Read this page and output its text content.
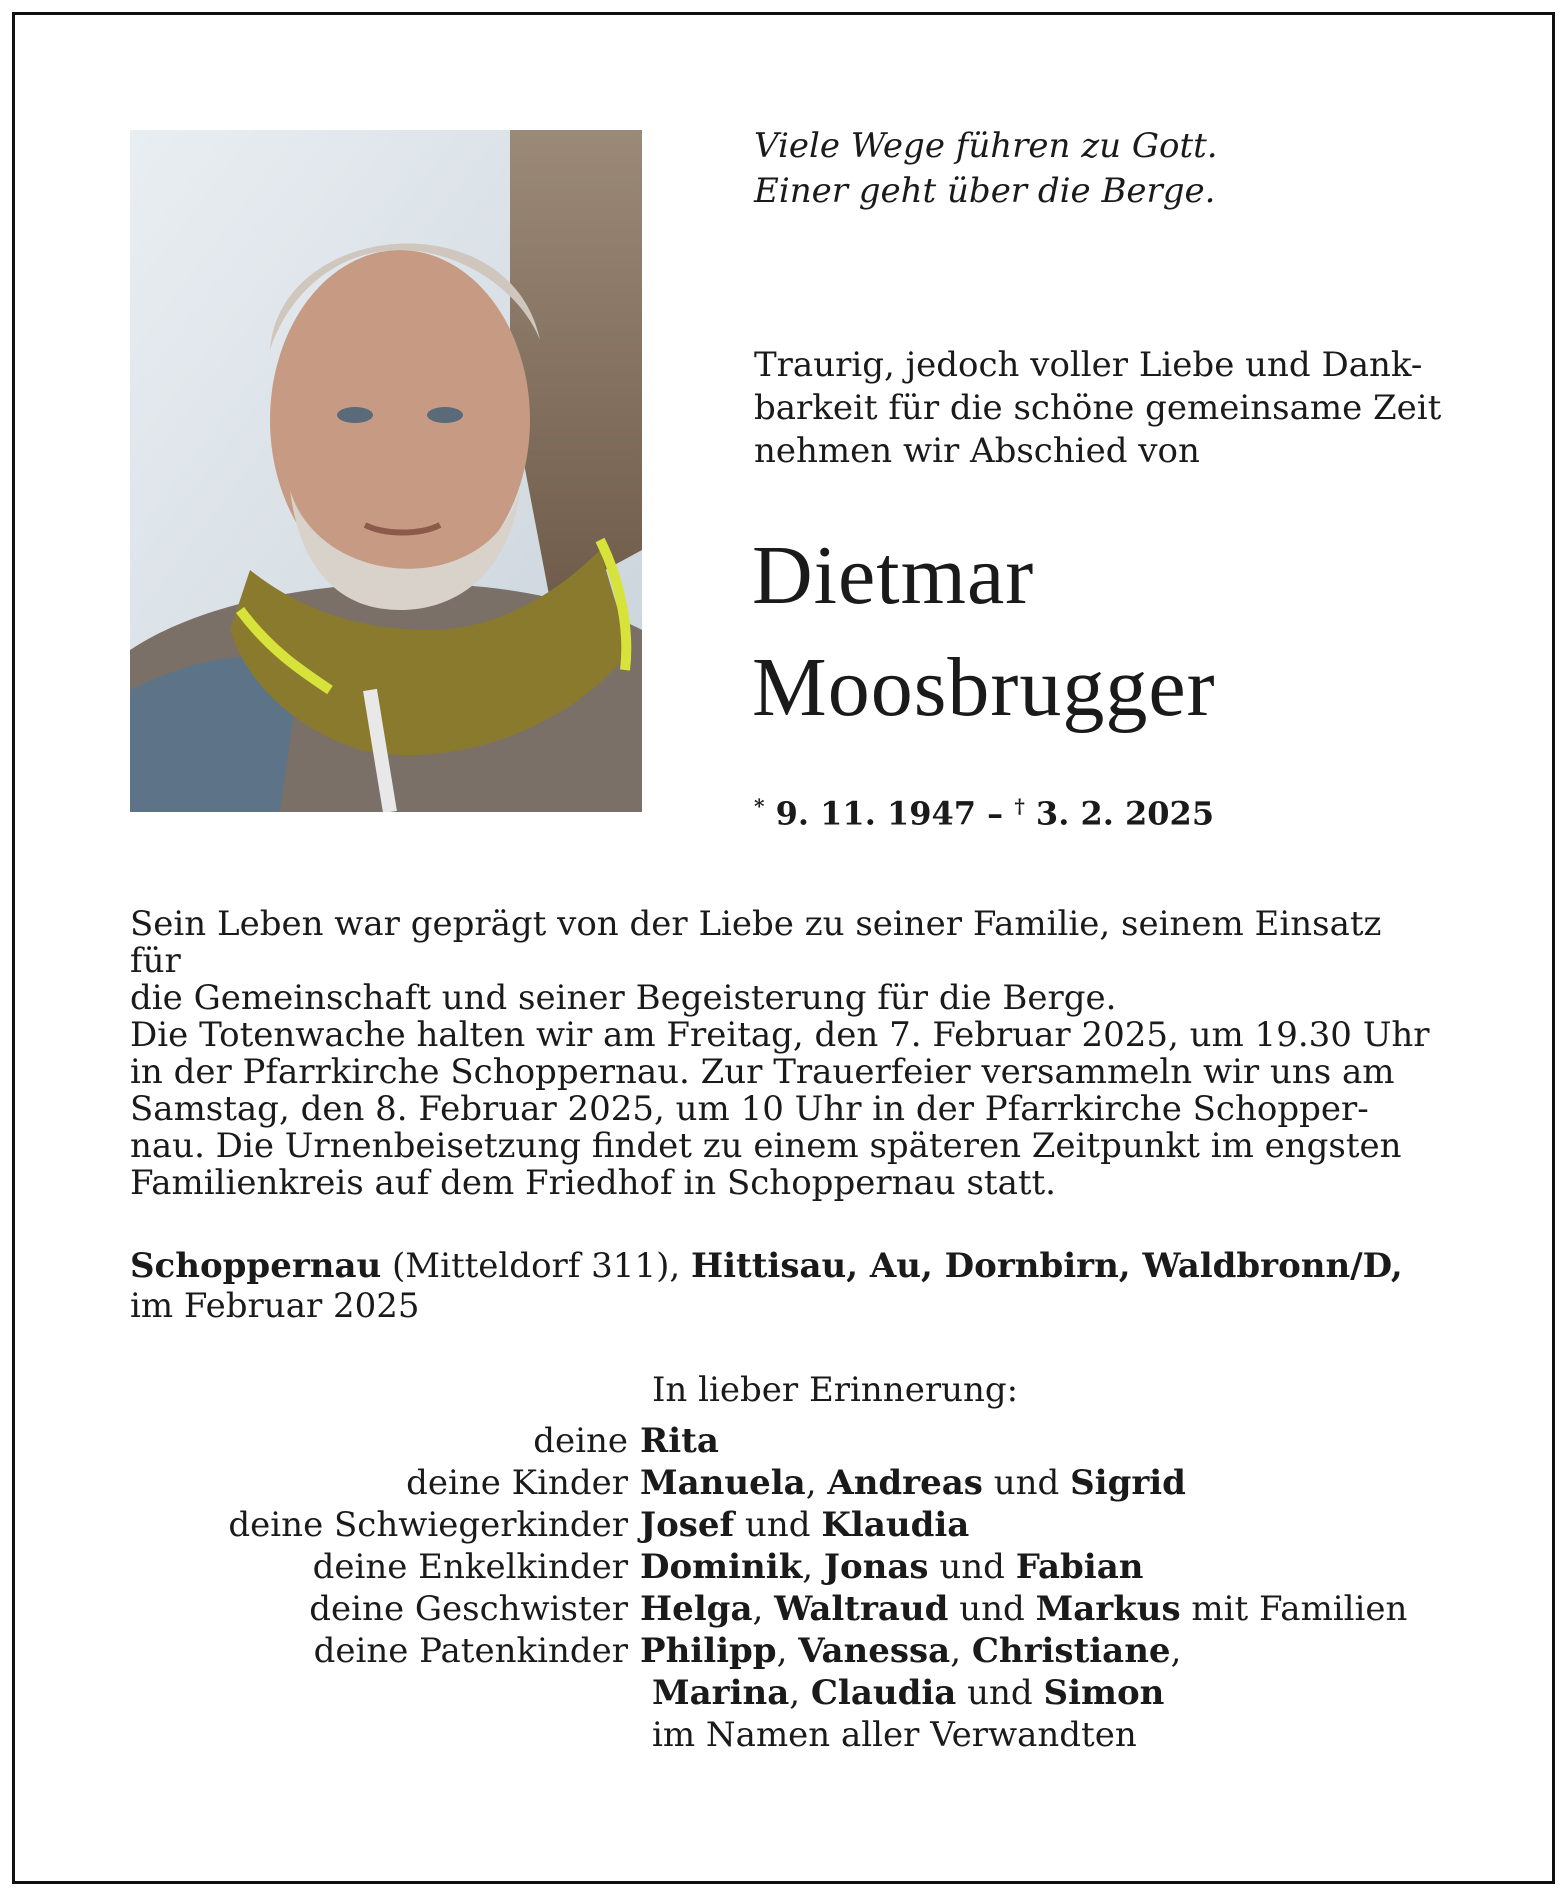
Viele Wege führen zu Gott.
Einer geht über die Berge.
Traurig, jedoch voller Liebe und Dank-
barkeit für die schöne gemeinsame Zeit
nehmen wir Abschied von
Dietmar
Moosbrugger
* 9. 11. 1947 – † 3. 2. 2025
Sein Leben war geprägt von der Liebe zu seiner Familie, seinem Einsatz für
die Gemeinschaft und seiner Begeisterung für die Berge.
Die Totenwache halten wir am Freitag, den 7. Februar 2025, um 19.30 Uhr
in der Pfarrkirche Schoppernau. Zur Trauerfeier versammeln wir uns am
Samstag, den 8. Februar 2025, um 10 Uhr in der Pfarrkirche Schopper-
nau. Die Urnenbeisetzung findet zu einem späteren Zeitpunkt im engsten
Familienkreis auf dem Friedhof in Schoppernau statt.
Schoppernau (Mitteldorf 311), Hittisau, Au, Dornbirn, Waldbronn/D,
im Februar 2025
In lieber Erinnerung:
deine Rita
deine Kinder Manuela, Andreas und Sigrid
deine Schwiegerkinder Josef und Klaudia
deine Enkelkinder Dominik, Jonas und Fabian
deine Geschwister Helga, Waltraud und Markus mit Familien
deine Patenkinder Philipp, Vanessa, Christiane,
Marina, Claudia und Simon
im Namen aller Verwandten
